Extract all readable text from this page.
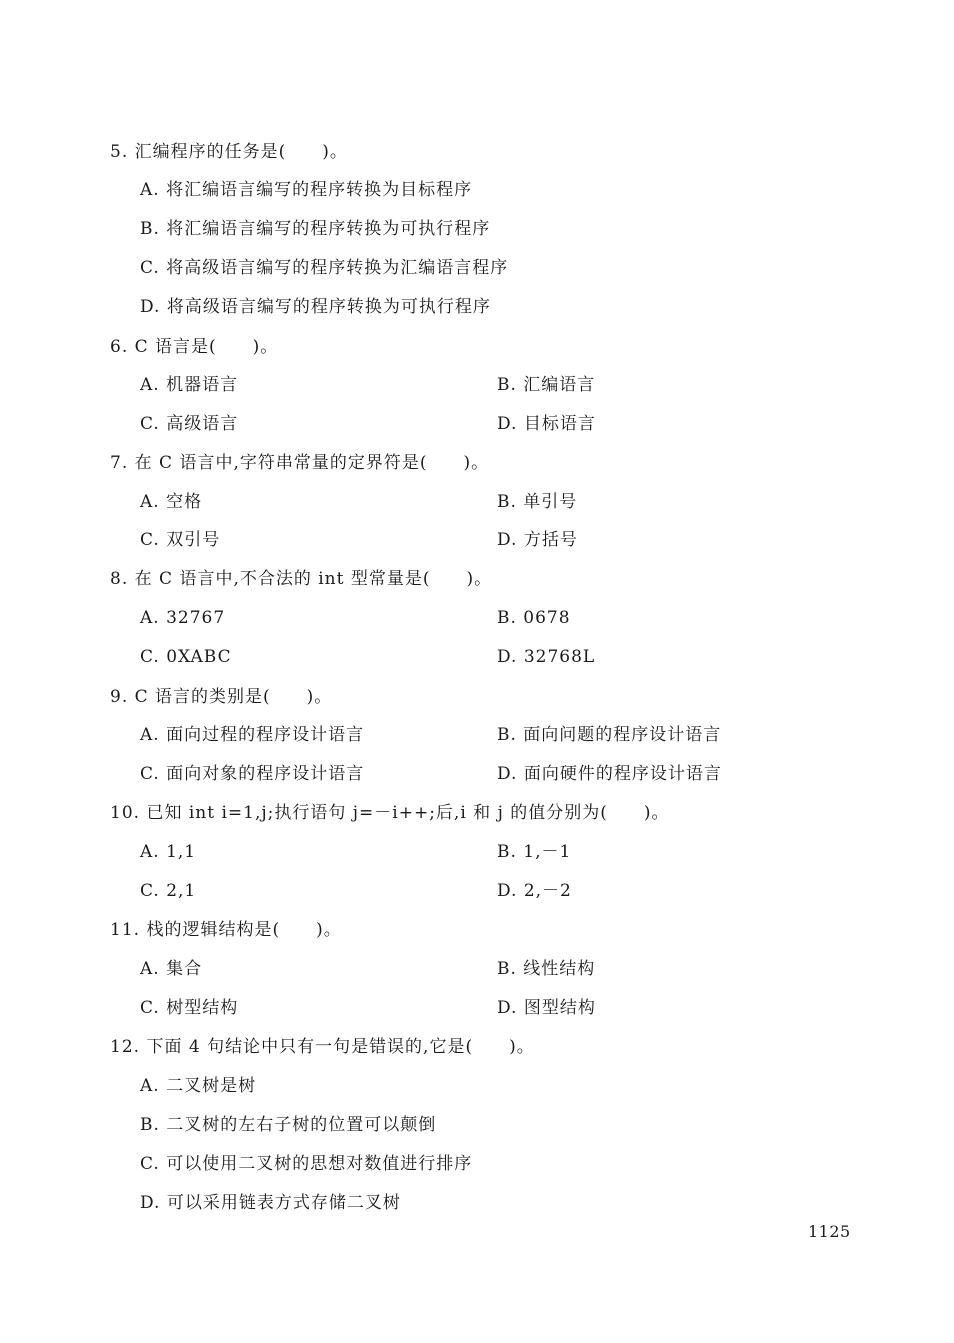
5. 汇编程序的任务是(　　)。
A. 将汇编语言编写的程序转换为目标程序
B. 将汇编语言编写的程序转换为可执行程序
C. 将高级语言编写的程序转换为汇编语言程序
D. 将高级语言编写的程序转换为可执行程序
6. C 语言是(　　)。
A. 机器语言	B. 汇编语言
C. 高级语言	D. 目标语言
7. 在 C 语言中,字符串常量的定界符是(　　)。
A. 空格	B. 单引号
C. 双引号	D. 方括号
8. 在 C 语言中,不合法的 int 型常量是(　　)。
A. 32767	B. 0678
C. 0XABC	D. 32768L
9. C 语言的类别是(　　)。
A. 面向过程的程序设计语言	B. 面向问题的程序设计语言
C. 面向对象的程序设计语言	D. 面向硬件的程序设计语言
10. 已知 int i=1,j;执行语句 j=－i++;后,i 和 j 的值分别为(　　)。
A. 1,1	B. 1,－1
C. 2,1	D. 2,－2
11. 栈的逻辑结构是(　　)。
A. 集合	B. 线性结构
C. 树型结构	D. 图型结构
12. 下面 4 句结论中只有一句是错误的,它是(　　)。
A. 二叉树是树
B. 二叉树的左右子树的位置可以颠倒
C. 可以使用二叉树的思想对数值进行排序
D. 可以采用链表方式存储二叉树
1125
